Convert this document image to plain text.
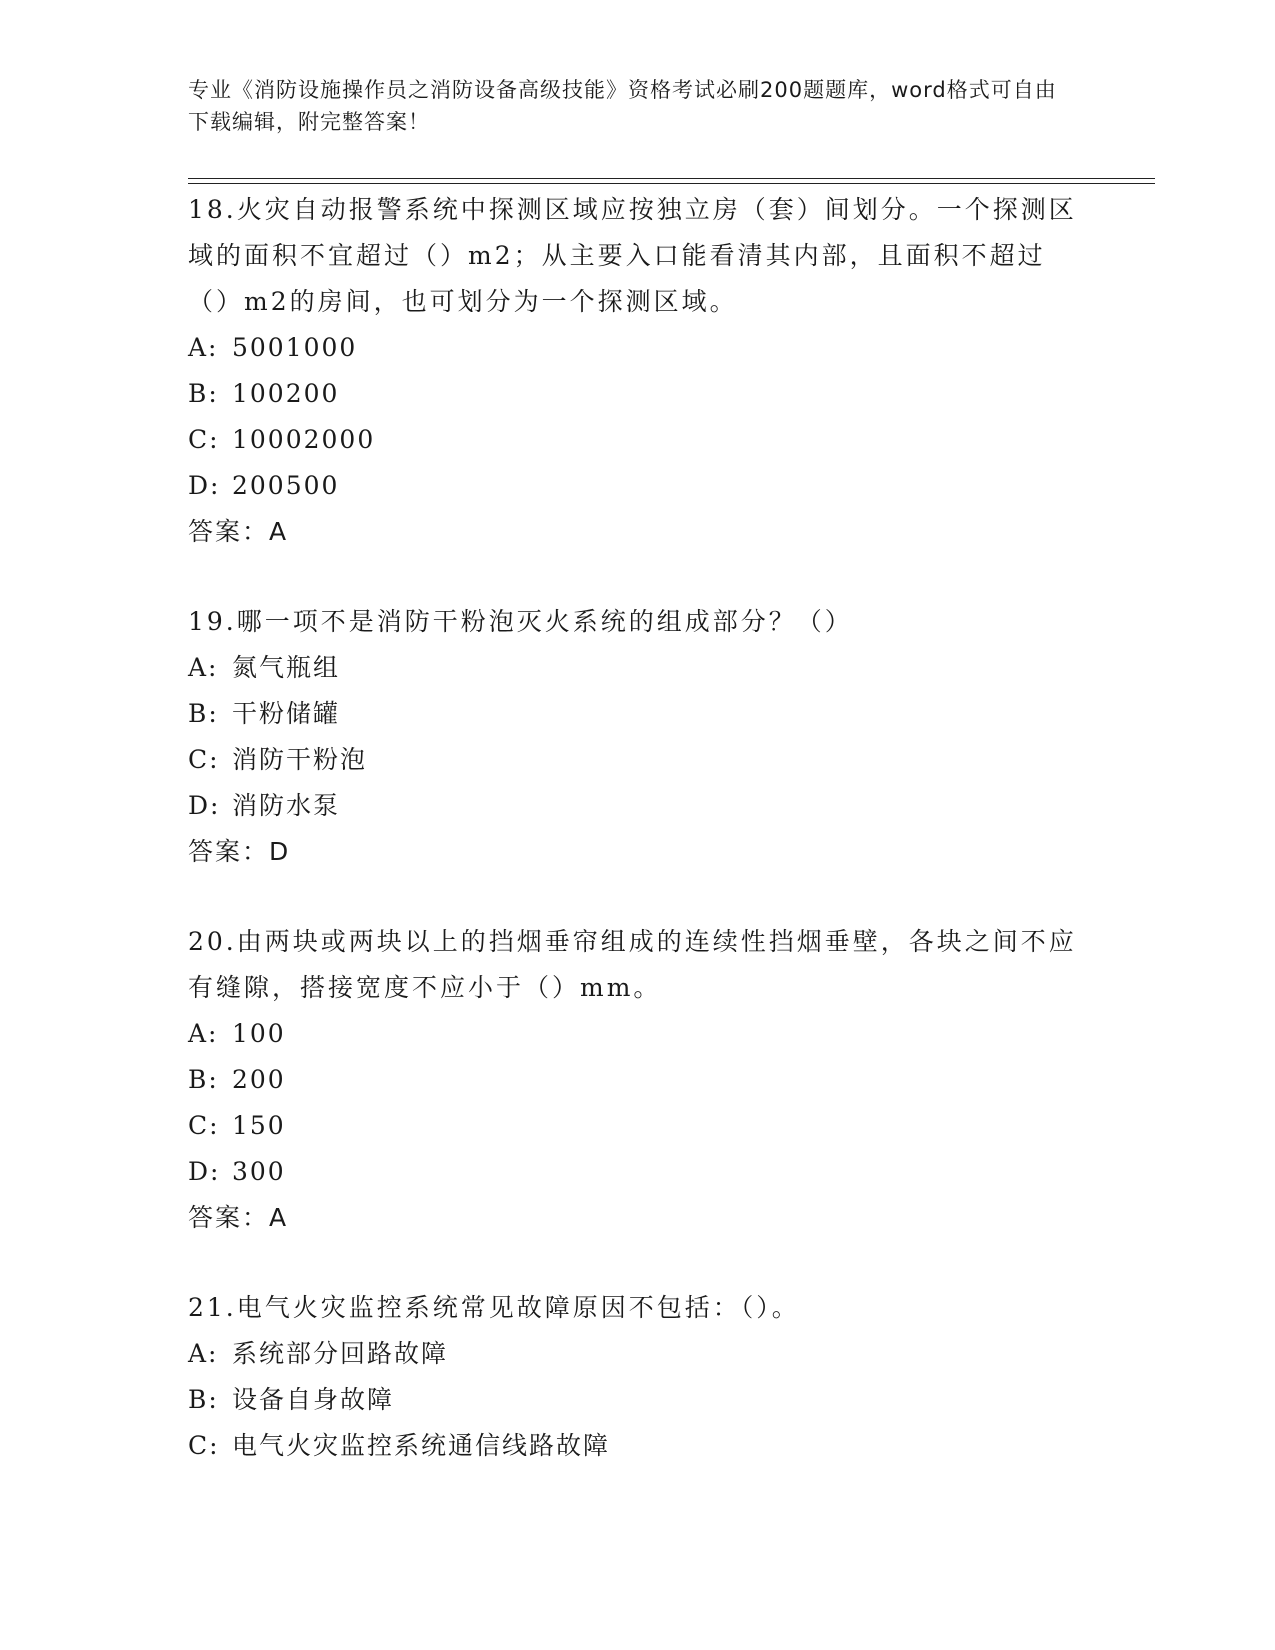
专业《消防设施操作员之消防设备高级技能》资格考试必刷200题题库，word格式可自由下载编辑，附完整答案！

18.火灾自动报警系统中探测区域应按独立房（套）间划分。一个探测区域的面积不宜超过（）m2；从主要入口能看清其内部，且面积不超过（）m2的房间，也可划分为一个探测区域。

A: 5001000

B: 100200

C: 10002000

D: 200500

答案：A

19.哪一项不是消防干粉泡灭火系统的组成部分？（）

A: 氮气瓶组

B: 干粉储罐

C: 消防干粉泡

D: 消防水泵

答案：D

20.由两块或两块以上的挡烟垂帘组成的连续性挡烟垂壁，各块之间不应有缝隙，搭接宽度不应小于（）mm。

A: 100

B: 200

C: 150

D: 300

答案：A

21.电气火灾监控系统常见故障原因不包括：（）。

A: 系统部分回路故障

B: 设备自身故障

C: 电气火灾监控系统通信线路故障
